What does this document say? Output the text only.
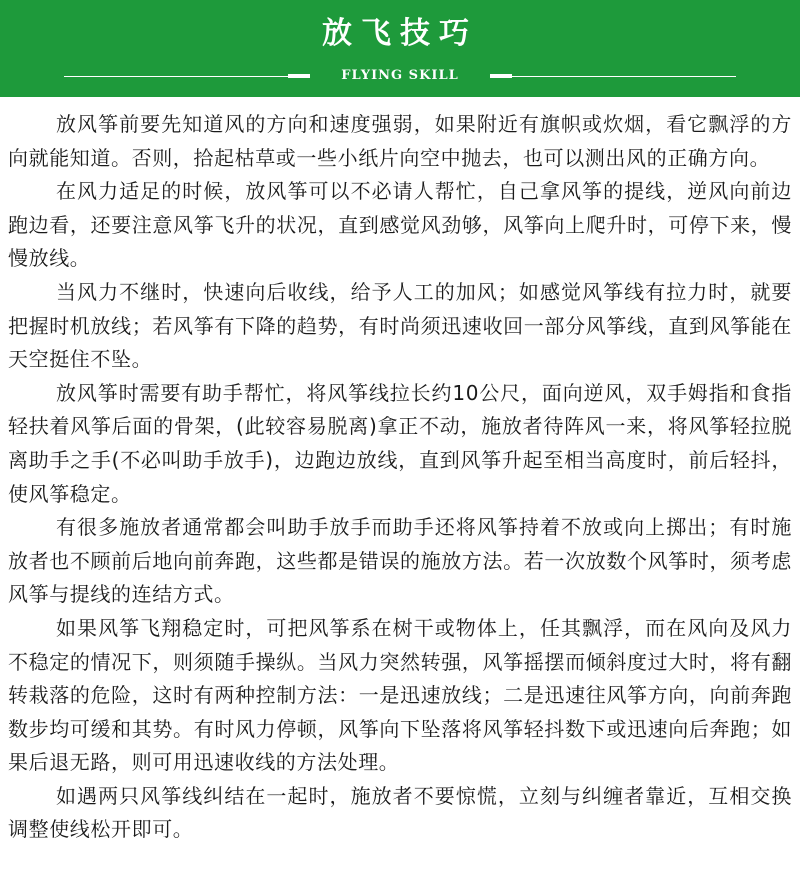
放飞技巧
FLYING SKILL

放风筝前要先知道风的方向和速度强弱，如果附近有旗帜或炊烟，看它飘浮的方向就能知道。否则，拾起枯草或一些小纸片向空中抛去，也可以测出风的正确方向。

在风力适足的时候，放风筝可以不必请人帮忙，自己拿风筝的提线，逆风向前边跑边看，还要注意风筝飞升的状况，直到感觉风劲够，风筝向上爬升时，可停下来，慢慢放线。

当风力不继时，快速向后收线，给予人工的加风；如感觉风筝线有拉力时，就要把握时机放线；若风筝有下降的趋势，有时尚须迅速收回一部分风筝线，直到风筝能在天空挺住不坠。

放风筝时需要有助手帮忙，将风筝线拉长约10公尺，面向逆风，双手姆指和食指轻扶着风筝后面的骨架，(此较容易脱离)拿正不动，施放者待阵风一来，将风筝轻拉脱离助手之手(不必叫助手放手)，边跑边放线，直到风筝升起至相当高度时，前后轻抖，使风筝稳定。

有很多施放者通常都会叫助手放手而助手还将风筝持着不放或向上掷出；有时施放者也不顾前后地向前奔跑，这些都是错误的施放方法。若一次放数个风筝时，须考虑风筝与提线的连结方式。

如果风筝飞翔稳定时，可把风筝系在树干或物体上，任其飘浮，而在风向及风力不稳定的情况下，则须随手操纵。当风力突然转强，风筝摇摆而倾斜度过大时，将有翻转栽落的危险，这时有两种控制方法：一是迅速放线；二是迅速往风筝方向，向前奔跑数步均可缓和其势。有时风力停顿，风筝向下坠落将风筝轻抖数下或迅速向后奔跑；如果后退无路，则可用迅速收线的方法处理。

如遇两只风筝线纠结在一起时，施放者不要惊慌，立刻与纠缠者靠近，互相交换调整使线松开即可。
